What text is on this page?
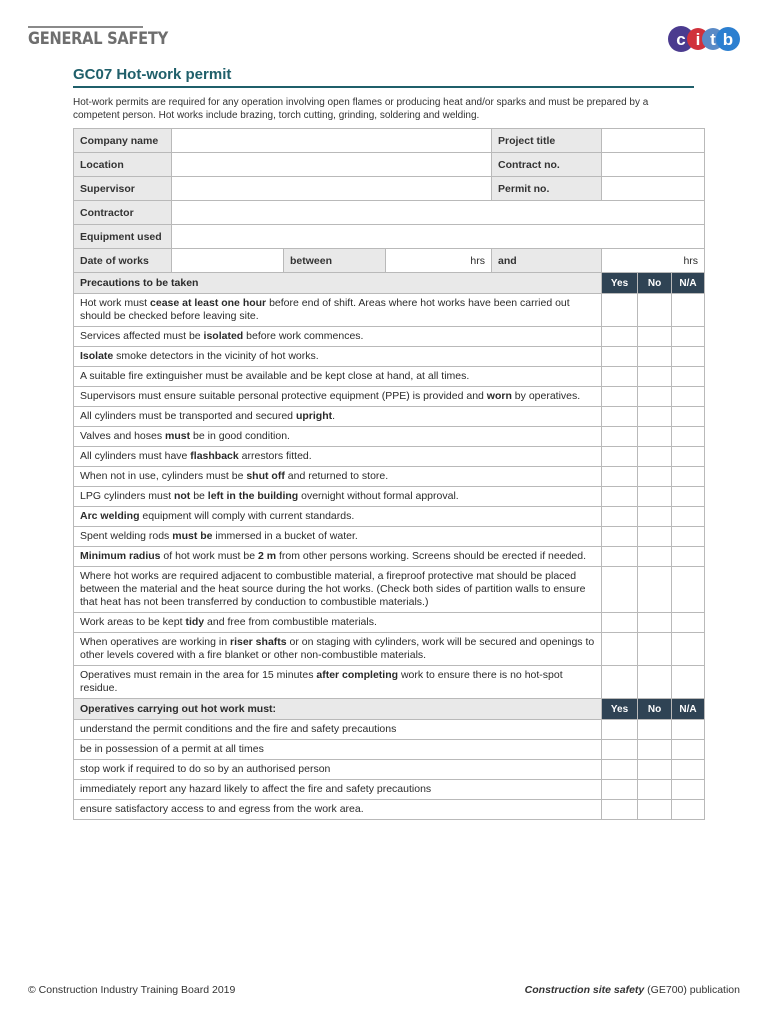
GENERAL SAFETY	c i t b
GC07 Hot-work permit
Hot-work permits are required for any operation involving open flames or producing heat and/or sparks and must be prepared by a competent person. Hot works include brazing, torch cutting, grinding, soldering and welding.
Company name				Project title			
Location				Contract no.			
Supervisor				Permit no.			
Contractor							
Equipment used							
Date of works		between	hrs	and	hrs		
Precautions to be taken					Yes	No	N/A
Hot work must cease at least one hour before end of shift. Areas where hot works have been carried out should be checked before leaving site.							
Services affected must be isolated before work commences.							
Isolate smoke detectors in the vicinity of hot works.							
A suitable fire extinguisher must be available and be kept close at hand, at all times.							
Supervisors must ensure suitable personal protective equipment (PPE) is provided and worn by operatives.							
All cylinders must be transported and secured upright.							
Valves and hoses must be in good condition.							
All cylinders must have flashback arrestors fitted.							
When not in use, cylinders must be shut off and returned to store.							
LPG cylinders must not be left in the building overnight without formal approval.							
Arc welding equipment will comply with current standards.							
Spent welding rods must be immersed in a bucket of water.							
Minimum radius of hot work must be 2 m from other persons working. Screens should be erected if needed.							
Where hot works are required adjacent to combustible material, a fireproof protective mat should be placed between the material and the heat source during the hot works. (Check both sides of partition walls to ensure that heat has not been transferred by conduction to combustible materials.)							
Work areas to be kept tidy and free from combustible materials.							
When operatives are working in riser shafts or on staging with cylinders, work will be secured and openings to other levels covered with a fire blanket or other non-combustible materials.							
Operatives must remain in the area for 15 minutes after completing work to ensure there is no hot-spot residue.							
Operatives carrying out hot work must:					Yes	No	N/A
understand the permit conditions and the fire and safety precautions							
be in possession of a permit at all times							
stop work if required to do so by an authorised person							
immediately report any hazard likely to affect the fire and safety precautions							
ensure satisfactory access to and egress from the work area.							
© Construction Industry Training Board 2019	Construction site safety (GE700) publication
